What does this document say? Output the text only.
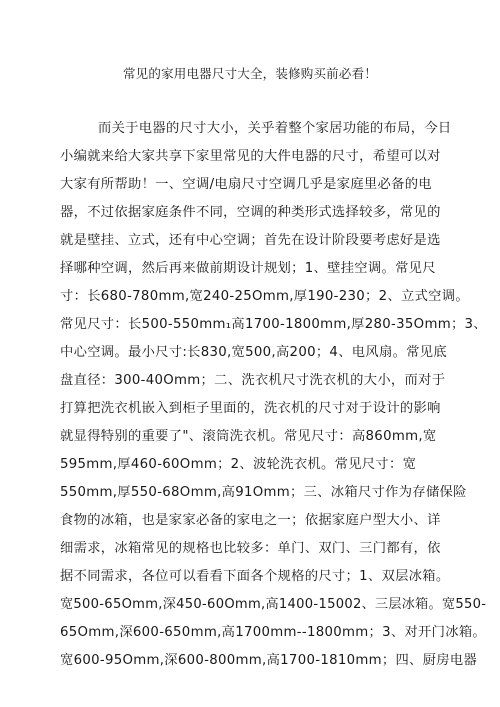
常见的家用电器尺寸大全，装修购买前必看！
而关于电器的尺寸大小，关乎着整个家居功能的布局，今日
小编就来给大家共享下家里常见的大件电器的尺寸，希望可以对
大家有所帮助！一、空调/电扇尺寸空调几乎是家庭里必备的电
器，不过依据家庭条件不同，空调的种类形式选择较多，常见的
就是壁挂、立式，还有中心空调；首先在设计阶段要考虑好是选
择哪种空调，然后再来做前期设计规划；1、壁挂空调。常见尺
寸：长680-780mm,宽240-25Omm,厚190-230；2、立式空调。
常见尺寸：长500-550mm₁高1700-1800mm,厚280-35Omm；3、
中心空调。最小尺寸:长830,宽500,高200；4、电风扇。常见底
盘直径：300-40Omm；二、洗衣机尺寸洗衣机的大小，而对于
打算把洗衣机嵌入到柜子里面的，洗衣机的尺寸对于设计的影响
就显得特别的重要了"、滚筒洗衣机。常见尺寸：高860mm,宽
595mm,厚460-60Omm；2、波轮洗衣机。常见尺寸：宽
550mm,厚550-68Omm,高91Omm；三、冰箱尺寸作为存储保险
食物的冰箱，也是家家必备的家电之一；依据家庭户型大小、详
细需求，冰箱常见的规格也比较多：单门、双门、三门都有，依
据不同需求，各位可以看看下面各个规格的尺寸；1、双层冰箱。
宽500-65Omm,深450-60Omm,高1400-15002、三层冰箱。宽550-
65Omm,深600-650mm,高1700mm--1800mm；3、对开门冰箱。
宽600-95Omm,深600-800mm,高1700-1810mm；四、厨房电器
